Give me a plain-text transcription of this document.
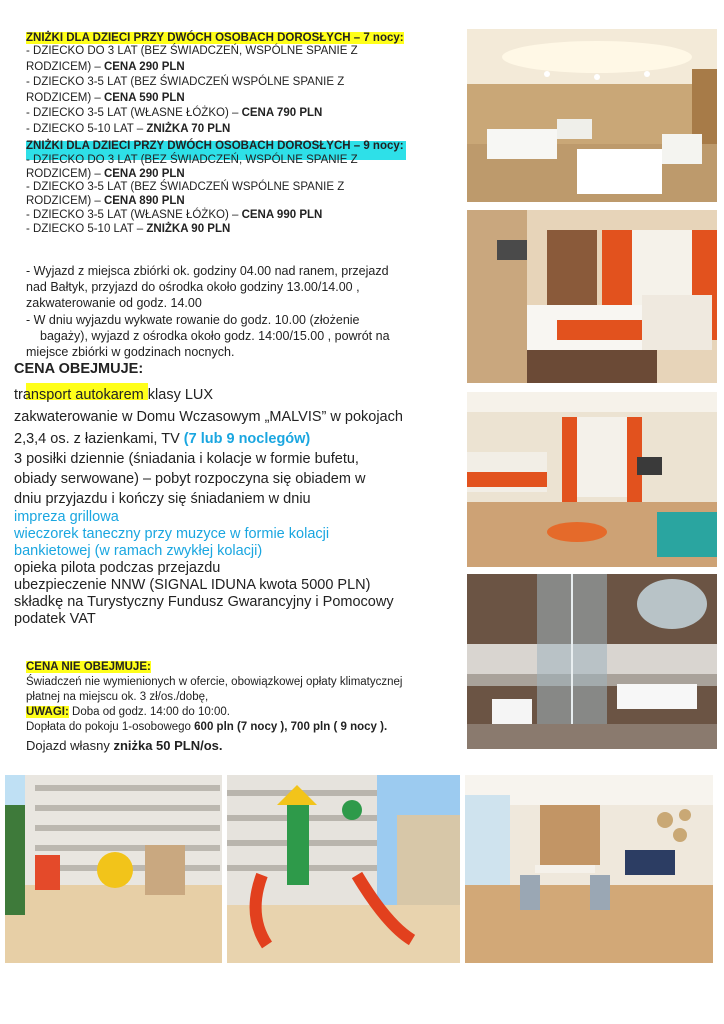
ZNIŻKI DLA DZIECI PRZY DWÓCH OSOBACH DOROSŁYCH – 7 nocy:
- DZIECKO DO 3 LAT (BEZ ŚWIADCZEŃ, WSPÓLNE SPANIE Z
RODZICEM) – CENA 290 PLN
- DZIECKO 3-5 LAT (BEZ ŚWIADCZEŃ WSPÓLNE SPANIE Z
RODZICEM) – CENA 590 PLN
- DZIECKO 3-5 LAT (WŁASNE ŁÓŻKO) – CENA 790 PLN
- DZIECKO 5-10 LAT – ZNIŻKA 70 PLN
ZNIŻKI DLA DZIECI PRZY DWÓCH OSOBACH DOROSŁYCH – 9 nocy:
- DZIECKO DO 3 LAT (BEZ ŚWIADCZEŃ, WSPÓLNE SPANIE Z
RODZICEM) – CENA 290 PLN
- DZIECKO 3-5 LAT (BEZ ŚWIADCZEŃ WSPÓLNE SPANIE Z
RODZICEM) – CENA 890 PLN
- DZIECKO 3-5 LAT (WŁASNE ŁÓŻKO) – CENA 990 PLN
- DZIECKO 5-10 LAT – ZNIŻKA 90 PLN
- Wyjazd z miejsca zbiórki ok. godziny 04.00 nad ranem, przejazd
nad Bałtyk, przyjazd do ośrodka około godziny 13.00/14.00 ,
zakwaterowanie od godz. 14.00
- W dniu wyjazdu wykwate rowanie do godz. 10.00 (złożenie
bagaży), wyjazd z ośrodka około godz. 14:00/15.00 , powrót na
miejsce zbiórki w godzinach nocnych.
CENA OBEJMUJE:
transport autokarem klasy LUX
zakwaterowanie w Domu Wczasowym „MALVIS” w pokojach
2,3,4 os. z łazienkami, TV (7 lub 9 noclegów)
3 posiłki dziennie (śniadania i kolacje w formie bufetu,
obiady serwowane) – pobyt rozpoczyna się obiadem w
dniu przyjazdu i kończy się śniadaniem w dniu
impreza grillowa
wieczorek taneczny przy muzyce w formie kolacji
bankietowej (w ramach zwykłej kolacji)
opieka pilota podczas przejazdu
ubezpieczenie NNW (SIGNAL IDUNA kwota 5000 PLN)
składkę na Turystyczny Fundusz Gwarancyjny i Pomocowy
podatek VAT
CENA NIE OBEJMUJE:
Świadczeń nie wymienionych w ofercie, obowiązkowej opłaty klimatycznej
płatnej na miejscu ok. 3 zł/os./dobę,
UWAGI: Doba od godz. 14:00 do 10:00.
Dopłata do pokoju 1-osobowego 600 pln (7 nocy ), 700 pln ( 9 nocy ).
Dojazd własny zniżka 50 PLN/os.
